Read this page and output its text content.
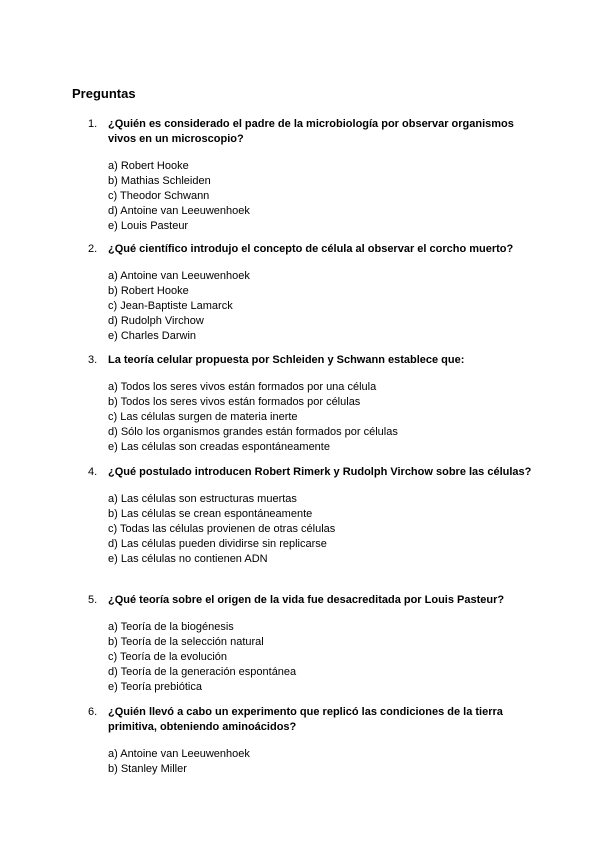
Preguntas
1. ¿Quién es considerado el padre de la microbiología por observar organismos vivos en un microscopio?
a) Robert Hooke
b) Mathias Schleiden
c) Theodor Schwann
d) Antoine van Leeuwenhoek
e) Louis Pasteur
2. ¿Qué científico introdujo el concepto de célula al observar el corcho muerto?
a) Antoine van Leeuwenhoek
b) Robert Hooke
c) Jean-Baptiste Lamarck
d) Rudolph Virchow
e) Charles Darwin
3. La teoría celular propuesta por Schleiden y Schwann establece que:
a) Todos los seres vivos están formados por una célula
b) Todos los seres vivos están formados por células
c) Las células surgen de materia inerte
d) Sólo los organismos grandes están formados por células
e) Las células son creadas espontáneamente
4. ¿Qué postulado introducen Robert Rimerk y Rudolph Virchow sobre las células?
a) Las células son estructuras muertas
b) Las células se crean espontáneamente
c) Todas las células provienen de otras células
d) Las células pueden dividirse sin replicarse
e) Las células no contienen ADN
5. ¿Qué teoría sobre el origen de la vida fue desacreditada por Louis Pasteur?
a) Teoría de la biogénesis
b) Teoría de la selección natural
c) Teoría de la evolución
d) Teoría de la generación espontánea
e) Teoría prebiótica
6. ¿Quién llevó a cabo un experimento que replicó las condiciones de la tierra primitiva, obteniendo aminoácidos?
a) Antoine van Leeuwenhoek
b) Stanley Miller
